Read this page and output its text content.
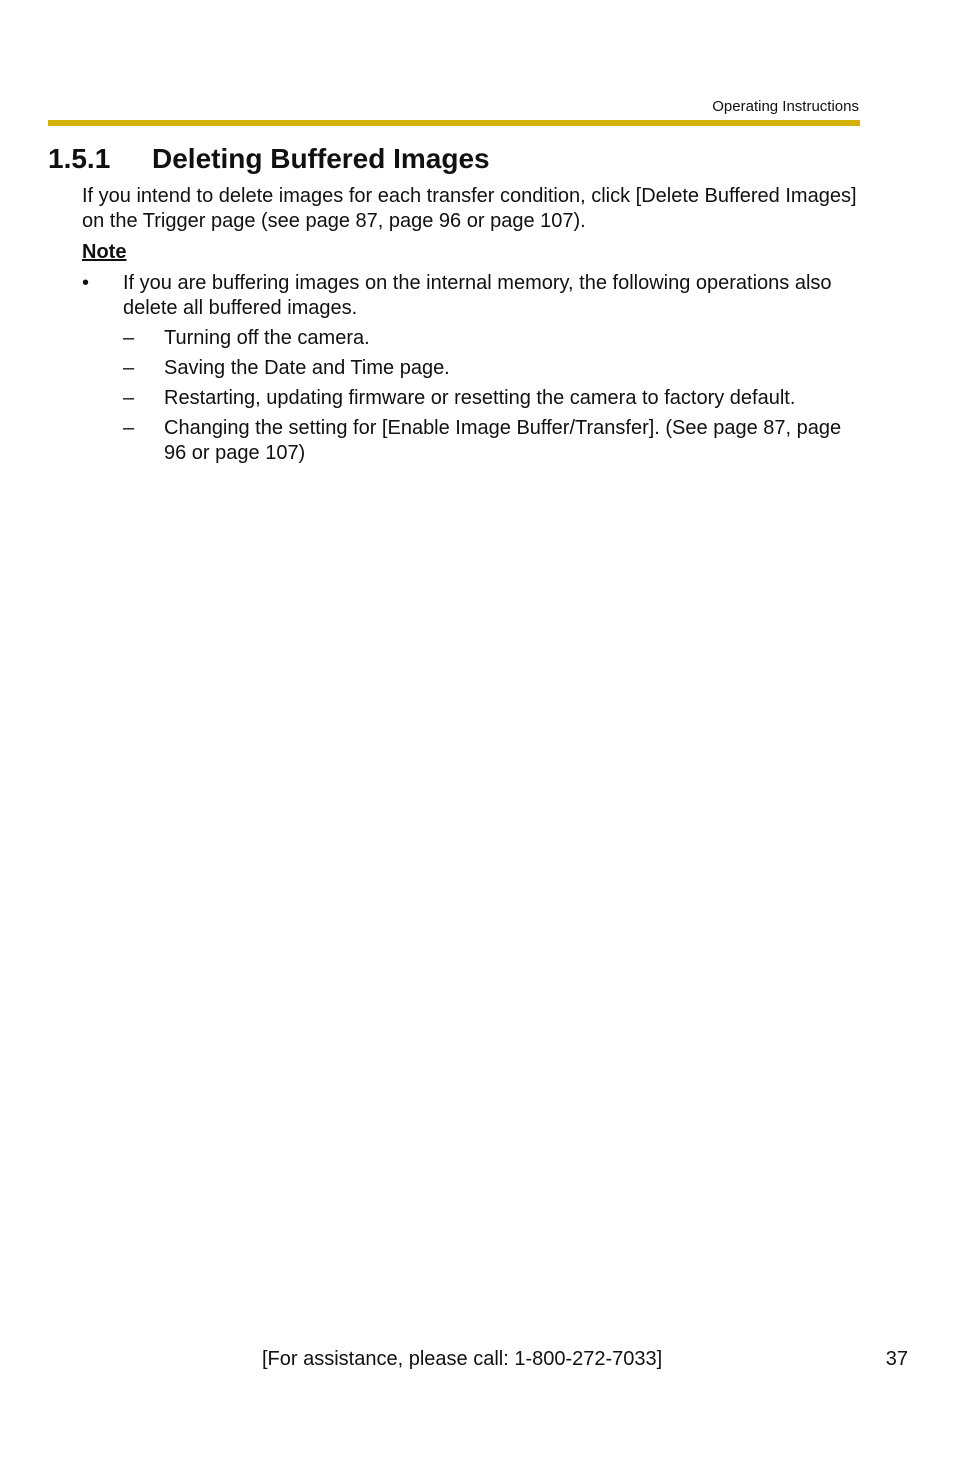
Operating Instructions
1.5.1 Deleting Buffered Images

If you intend to delete images for each transfer condition, click [Delete Buffered Images] on the Trigger page (see page 87, page 96 or page 107).

Note

• If you are buffering images on the internal memory, the following operations also delete all buffered images.
– Turning off the camera.
– Saving the Date and Time page.
– Restarting, updating firmware or resetting the camera to factory default.
– Changing the setting for [Enable Image Buffer/Transfer]. (See page 87, page 96 or page 107)
[For assistance, please call: 1-800-272-7033]	37
